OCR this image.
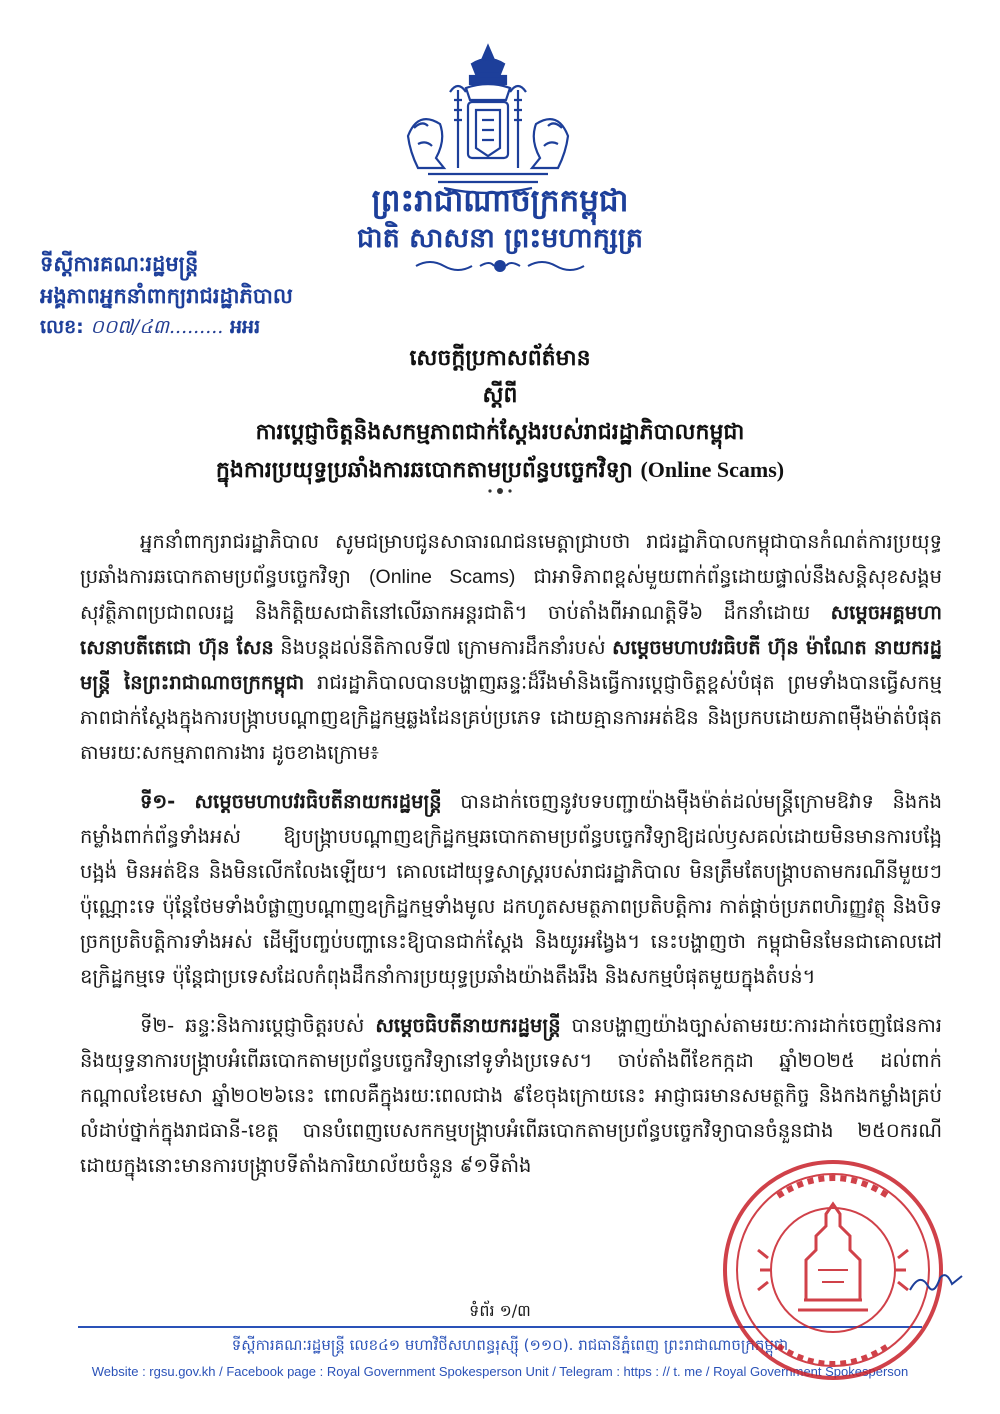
ព្រះរាជាណាចក្រកម្ពុជា
ជាតិ សាសនា ព្រះមហាក្សត្រ
ទីស្តីការគណៈរដ្ឋមន្ត្រី
អង្គភាពអ្នកនាំពាក្យរាជរដ្ឋាភិបាល
លេខ: ០០៧/៤៣......... អអរ
សេចក្តីប្រកាសព័ត៌មាន
ស្តីពី
ការប្តេជ្ញាចិត្តនិងសកម្មភាពជាក់ស្តែងរបស់រាជរដ្ឋាភិបាលកម្ពុជា
ក្នុងការប្រយុទ្ធប្រឆាំងការឆបោកតាមប្រព័ន្ធបច្ចេកវិទ្យា (Online Scams)

អ្នកនាំពាក្យរាជរដ្ឋាភិបាល សូមជម្រាបជូនសាធារណជនមេត្តាជ្រាបថា រាជរដ្ឋាភិបាលកម្ពុជាបានកំណត់ការប្រយុទ្ធប្រឆាំងការឆបោកតាមប្រព័ន្ធបច្ចេកវិទ្យា (Online Scams) ជាអាទិភាពខ្ពស់មួយពាក់ព័ន្ធដោយផ្ទាល់នឹងសន្តិសុខសង្គម សុវត្ថិភាពប្រជាពលរដ្ឋ និងកិត្តិយសជាតិនៅលើឆាកអន្តរជាតិ។ ចាប់តាំងពីអាណត្តិទី៦ ដឹកនាំដោយ សម្តេចអគ្គមហាសេនាបតីតេជោ ហ៊ុន សែន និងបន្តដល់នីតិកាលទី៧ ក្រោមការដឹកនាំរបស់ សម្តេចមហាបវរធិបតី ហ៊ុន ម៉ាណែត នាយករដ្ឋមន្ត្រី នៃព្រះរាជាណាចក្រកម្ពុជា រាជរដ្ឋាភិបាលបានបង្ហាញឆន្ទៈដ៏រឹងមាំនិងធ្វើការប្តេជ្ញាចិត្តខ្ពស់បំផុត ព្រមទាំងបានធ្វើសកម្មភាពជាក់ស្តែងក្នុងការបង្ក្រាបបណ្តាញឧក្រិដ្ឋកម្មឆ្លងដែនគ្រប់ប្រភេទ ដោយគ្មានការអត់ឱន និងប្រកបដោយភាពម៉ឺងម៉ាត់បំផុតតាមរយៈសកម្មភាពការងារ ដូចខាងក្រោម៖

ទី១- សម្តេចមហាបវរធិបតីនាយករដ្ឋមន្ត្រី បានដាក់ចេញនូវបទបញ្ជាយ៉ាងម៉ឺងម៉ាត់ដល់មន្ត្រីក្រោមឱវាទ និងកងកម្លាំងពាក់ព័ន្ធទាំងអស់ ឱ្យបង្ក្រាបបណ្តាញឧក្រិដ្ឋកម្មឆបោកតាមប្រព័ន្ធបច្ចេកវិទ្យាឱ្យដល់ឫសគល់ដោយមិនមានការបង្អែបង្អង់ មិនអត់ឱន និងមិនលើកលែងឡើយ។ គោលដៅយុទ្ធសាស្ត្ររបស់រាជរដ្ឋាភិបាល មិនត្រឹមតែបង្ក្រាបតាមករណីនីមួយៗប៉ុណ្ណោះទេ ប៉ុន្តែថែមទាំងបំផ្លាញបណ្តាញឧក្រិដ្ឋកម្មទាំងមូល ដកហូតសមត្ថភាពប្រតិបត្តិការ កាត់ផ្តាច់ប្រភពហិរញ្ញវត្ថុ និងបិទច្រកប្រតិបត្តិការទាំងអស់ ដើម្បីបញ្ចប់បញ្ហានេះឱ្យបានជាក់ស្តែង និងយូរអង្វែង។ នេះបង្ហាញថា កម្ពុជាមិនមែនជាគោលដៅឧក្រិដ្ឋកម្មទេ ប៉ុន្តែជាប្រទេសដែលកំពុងដឹកនាំការប្រយុទ្ធប្រឆាំងយ៉ាងតឹងរឹង និងសកម្មបំផុតមួយក្នុងតំបន់។

ទី២- ឆន្ទៈនិងការប្តេជ្ញាចិត្តរបស់ សម្តេចធិបតីនាយករដ្ឋមន្ត្រី បានបង្ហាញយ៉ាងច្បាស់តាមរយៈការដាក់ចេញផែនការ និងយុទ្ធនាការបង្ក្រាបអំពើឆបោកតាមប្រព័ន្ធបច្ចេកវិទ្យានៅទូទាំងប្រទេស។ ចាប់តាំងពីខែកក្កដា ឆ្នាំ២០២៥ ដល់ពាក់កណ្តាលខែមេសា ឆ្នាំ២០២៦នេះ ពោលគឺក្នុងរយៈពេលជាង ៩ខែចុងក្រោយនេះ អាជ្ញាធរមានសមត្ថកិច្ច និងកងកម្លាំងគ្រប់លំដាប់ថ្នាក់ក្នុងរាជធានី-ខេត្ត បានបំពេញបេសកកម្មបង្ក្រាបអំពើឆបោកតាមប្រព័ន្ធបច្ចេកវិទ្យាបានចំនួនជាង ២៥០ករណី ដោយក្នុងនោះមានការបង្ក្រាបទីតាំងការិយាល័យចំនួន ៩១ទីតាំង

ទំព័រ ១/៣
ទីស្តីការគណៈរដ្ឋមន្ត្រី លេខ៤១ មហាវិថីសហពន្ធរុស្ស៊ី (១១០). រាជធានីភ្នំពេញ ព្រះរាជាណាចក្រកម្ពុជា
Website : rgsu.gov.kh / Facebook page : Royal Government Spokesperson Unit / Telegram : https : // t. me / Royal Government Spokesperson
